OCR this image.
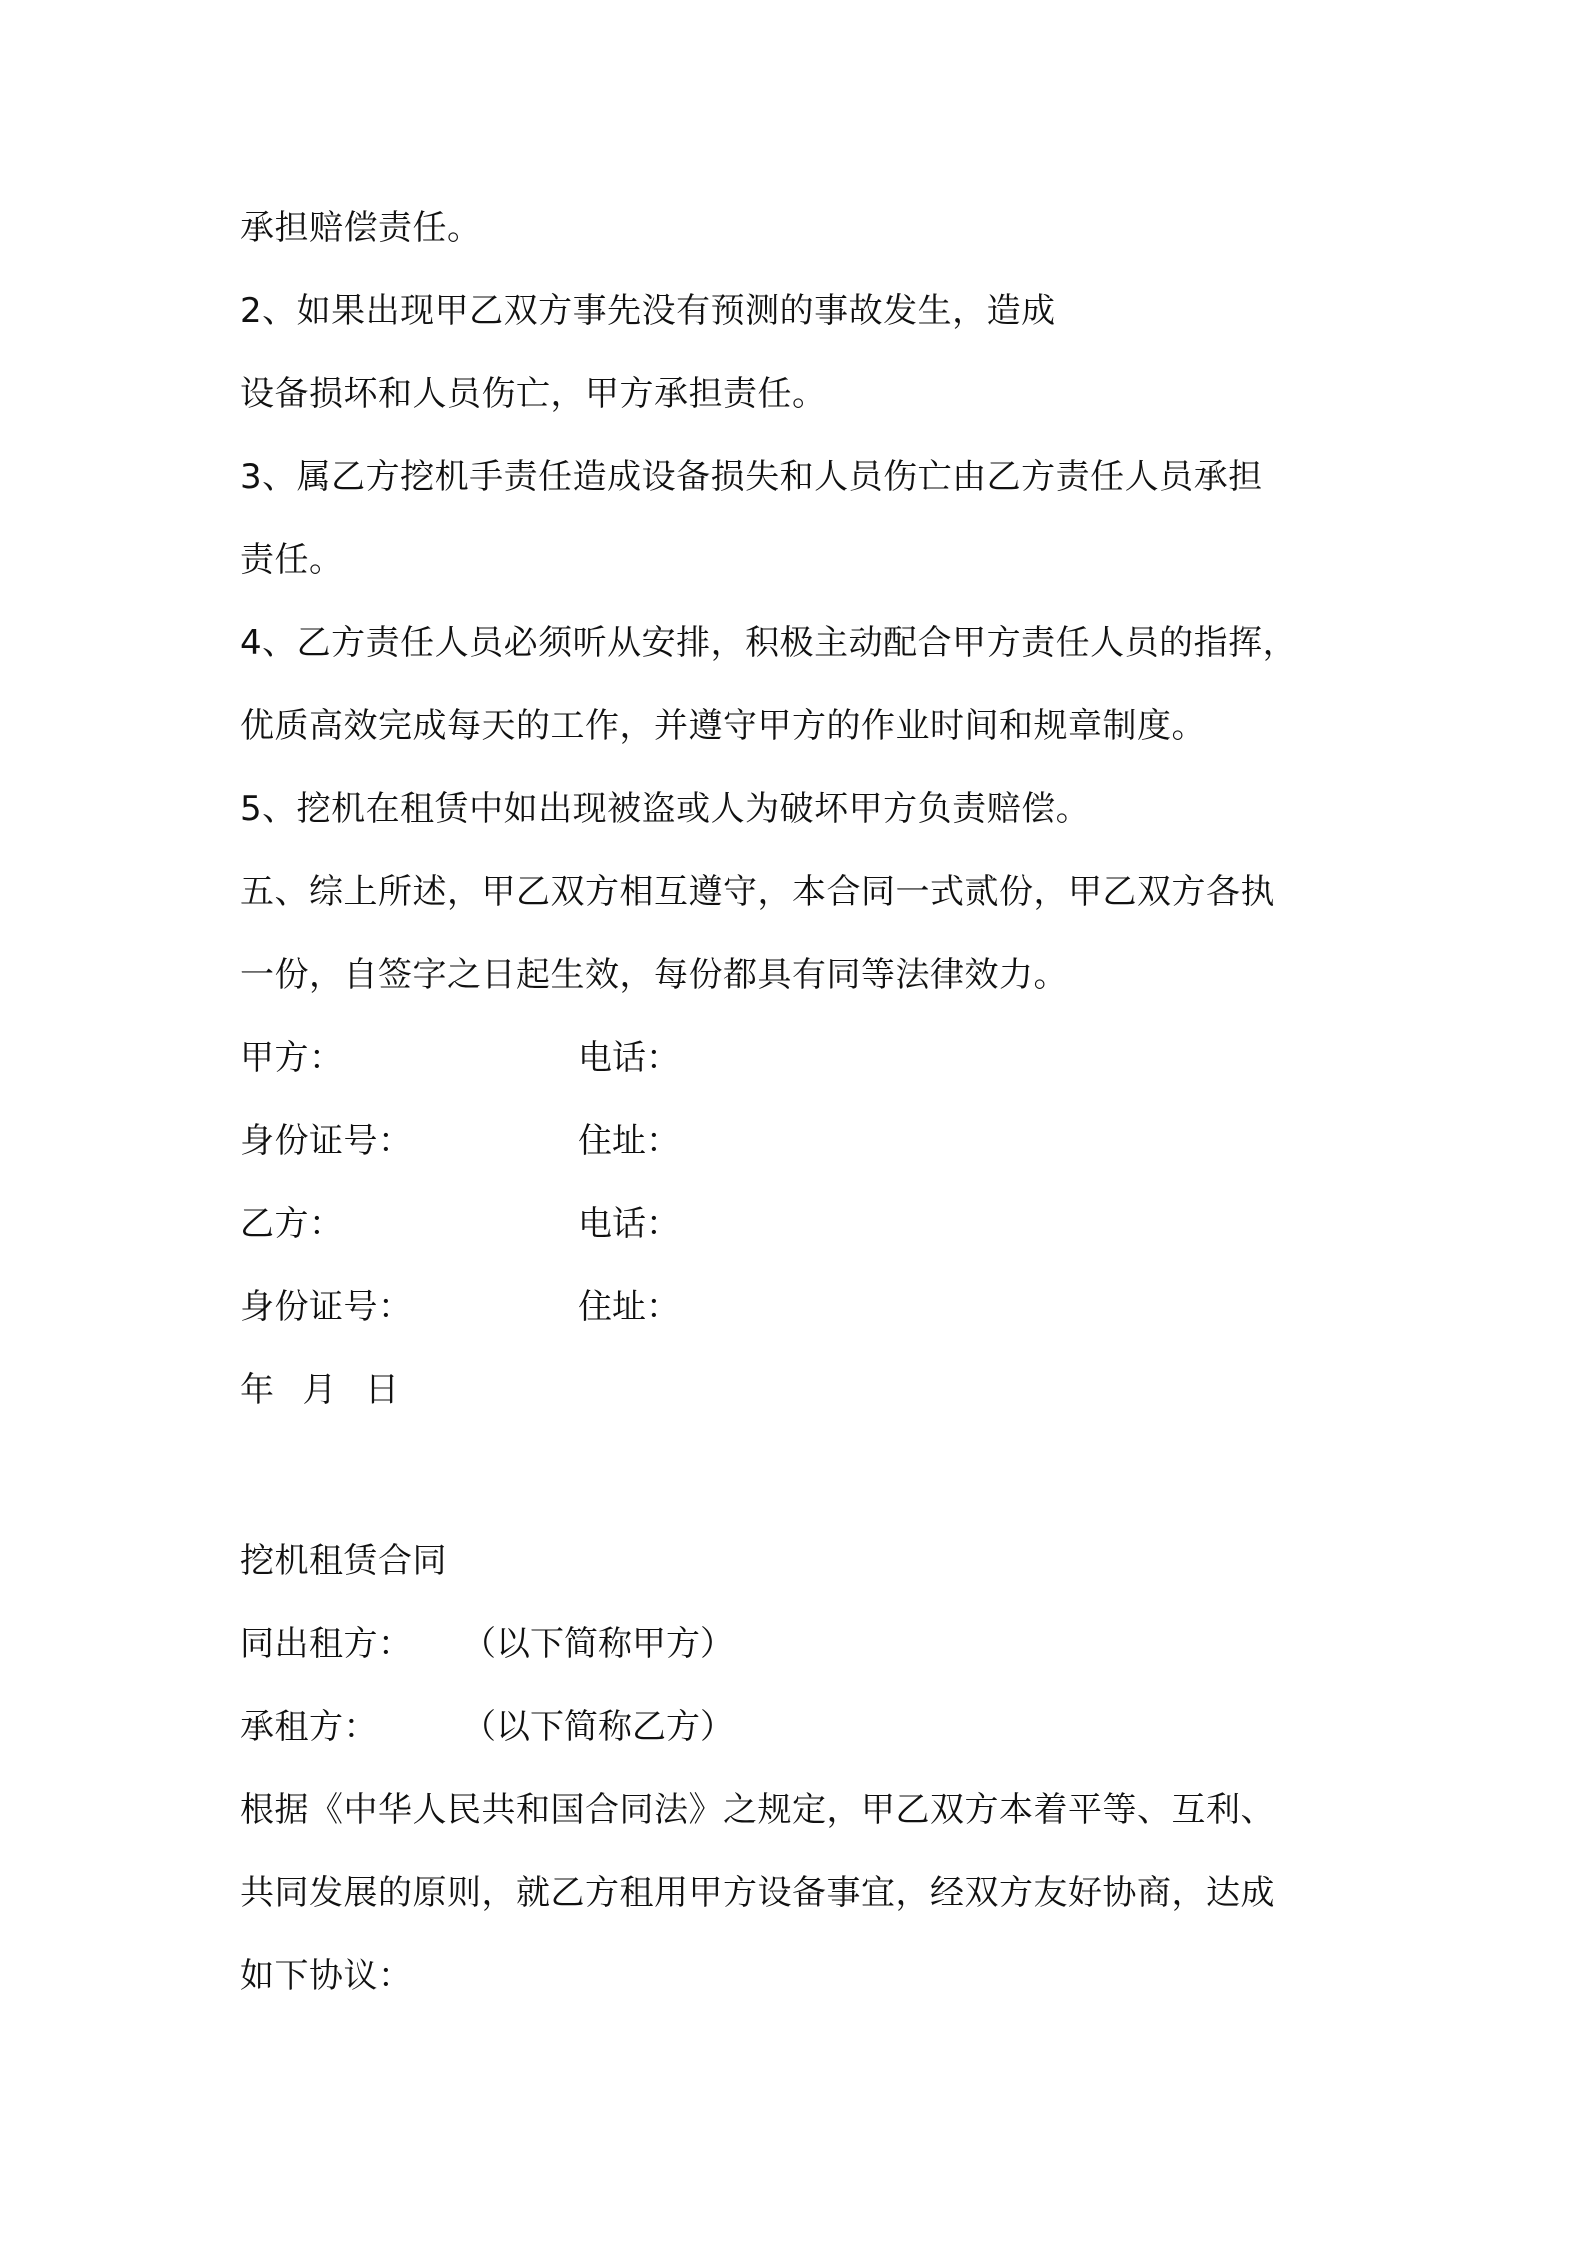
承担赔偿责任。
2、如果出现甲乙双方事先没有预测的事故发生，造成
设备损坏和人员伤亡，甲方承担责任。
3、属乙方挖机手责任造成设备损失和人员伤亡由乙方责任人员承担
责任。
4、乙方责任人员必须听从安排，积极主动配合甲方责任人员的指挥，
优质高效完成每天的工作，并遵守甲方的作业时间和规章制度。
5、挖机在租赁中如出现被盗或人为破坏甲方负责赔偿。
五、综上所述，甲乙双方相互遵守，本合同一式贰份，甲乙双方各执
一份，自签字之日起生效，每份都具有同等法律效力。
甲方：	电话：
身份证号：	住址：
乙方：	电话：
身份证号：	住址：
年 月 日
挖机租赁合同
同出租方： （以下简称甲方）
承租方： （以下简称乙方）
根据《中华人民共和国合同法》之规定，甲乙双方本着平等、互利、
共同发展的原则，就乙方租用甲方设备事宜，经双方友好协商，达成
如下协议：
